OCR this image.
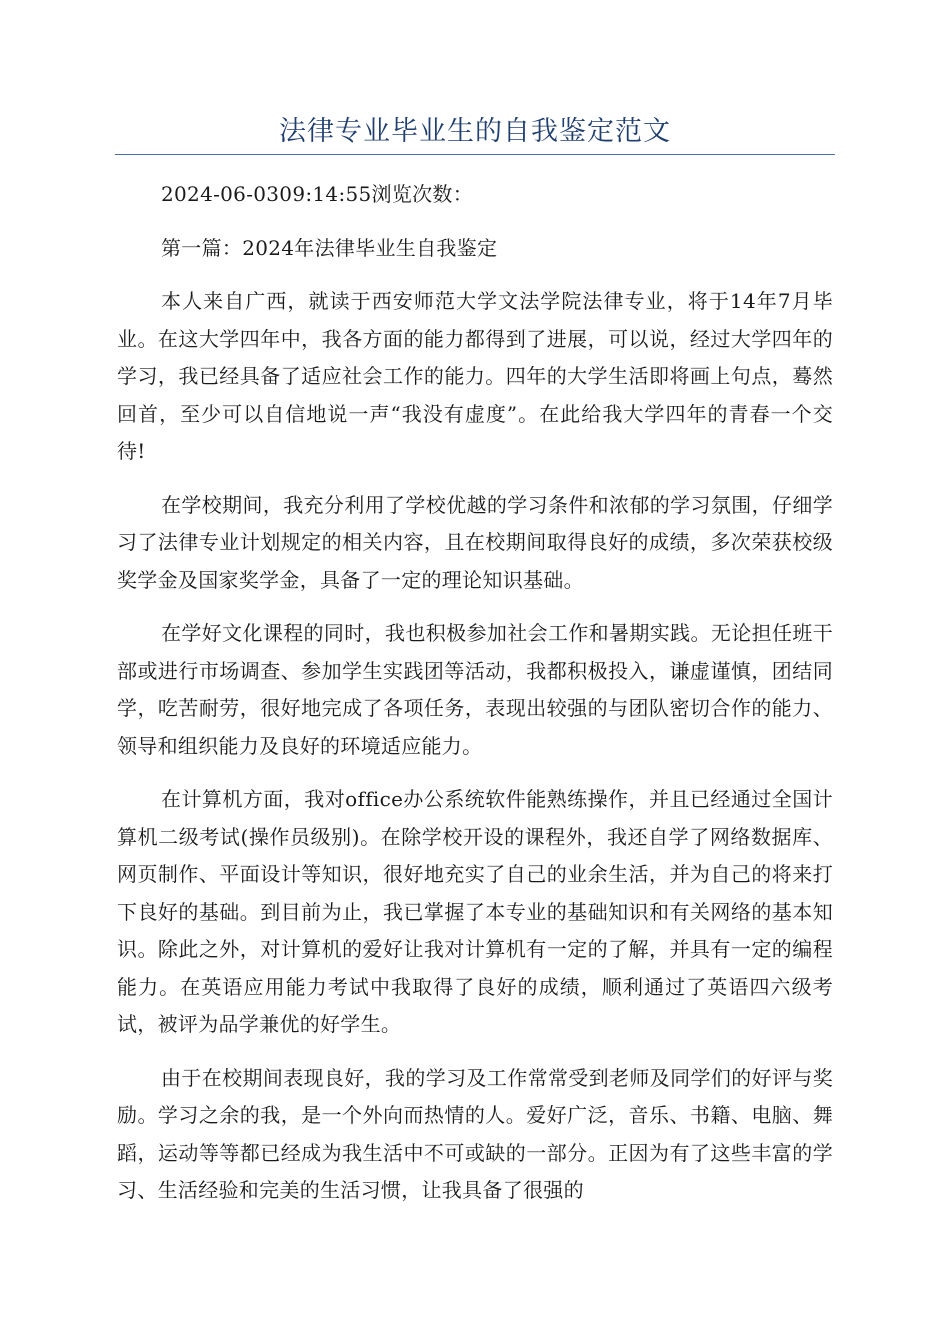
法律专业毕业生的自我鉴定范文

2024-06-0309:14:55浏览次数：

第一篇：2024年法律毕业生自我鉴定

本人来自广西，就读于西安师范大学文法学院法律专业，将于14年7月毕业。在这大学四年中，我各方面的能力都得到了进展，可以说，经过大学四年的学习，我已经具备了适应社会工作的能力。四年的大学生活即将画上句点，蓦然回首，至少可以自信地说一声“我没有虚度”。在此给我大学四年的青春一个交待!

在学校期间，我充分利用了学校优越的学习条件和浓郁的学习氛围，仔细学习了法律专业计划规定的相关内容，且在校期间取得良好的成绩，多次荣获校级奖学金及国家奖学金，具备了一定的理论知识基础。

在学好文化课程的同时，我也积极参加社会工作和暑期实践。无论担任班干部或进行市场调查、参加学生实践团等活动，我都积极投入，谦虚谨慎，团结同学，吃苦耐劳，很好地完成了各项任务，表现出较强的与团队密切合作的能力、领导和组织能力及良好的环境适应能力。

在计算机方面，我对office办公系统软件能熟练操作，并且已经通过全国计算机二级考试(操作员级别)。在除学校开设的课程外，我还自学了网络数据库、网页制作、平面设计等知识，很好地充实了自己的业余生活，并为自己的将来打下良好的基础。到目前为止，我已掌握了本专业的基础知识和有关网络的基本知识。除此之外，对计算机的爱好让我对计算机有一定的了解，并具有一定的编程能力。在英语应用能力考试中我取得了良好的成绩，顺利通过了英语四六级考试，被评为品学兼优的好学生。

由于在校期间表现良好，我的学习及工作常常受到老师及同学们的好评与奖励。学习之余的我，是一个外向而热情的人。爱好广泛，音乐、书籍、电脑、舞蹈，运动等等都已经成为我生活中不可或缺的一部分。正因为有了这些丰富的学习、生活经验和完美的生活习惯，让我具备了很强的
